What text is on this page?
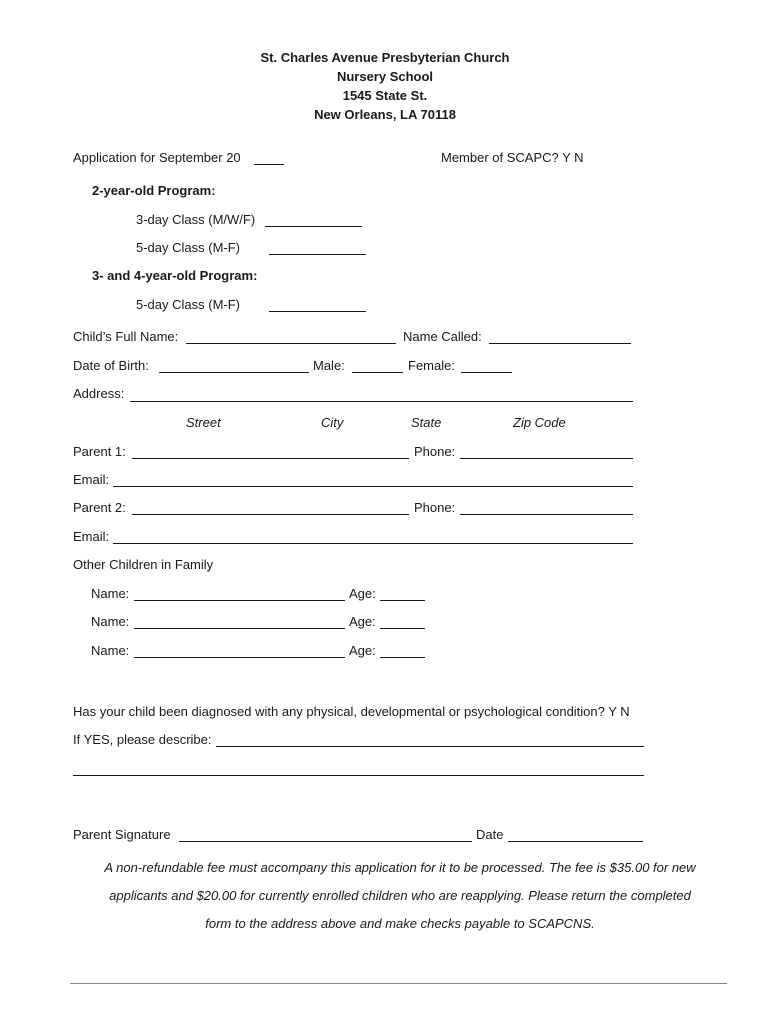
St. Charles Avenue Presbyterian Church
Nursery School
1545 State St.
New Orleans, LA 70118
Application for September 20	Member of SCAPC? Y N
2-year-old Program:
3-day Class (M/W/F)
5-day Class (M-F)
3- and 4-year-old Program:
5-day Class (M-F)
Child’s Full Name:	Name Called:
Date of Birth:	Male:	Female:
Address:
Street	City	State	Zip Code
Parent 1:	Phone:
Email:
Parent 2:	Phone:
Email:
Other Children in Family
Name:	Age:
Name:	Age:
Name:	Age:
Has your child been diagnosed with any physical, developmental or psychological condition? Y N
If YES, please describe:
Parent Signature	Date
A non-refundable fee must accompany this application for it to be processed. The fee is $35.00 for new
applicants and $20.00 for currently enrolled children who are reapplying. Please return the completed
form to the address above and make checks payable to SCAPCNS.
